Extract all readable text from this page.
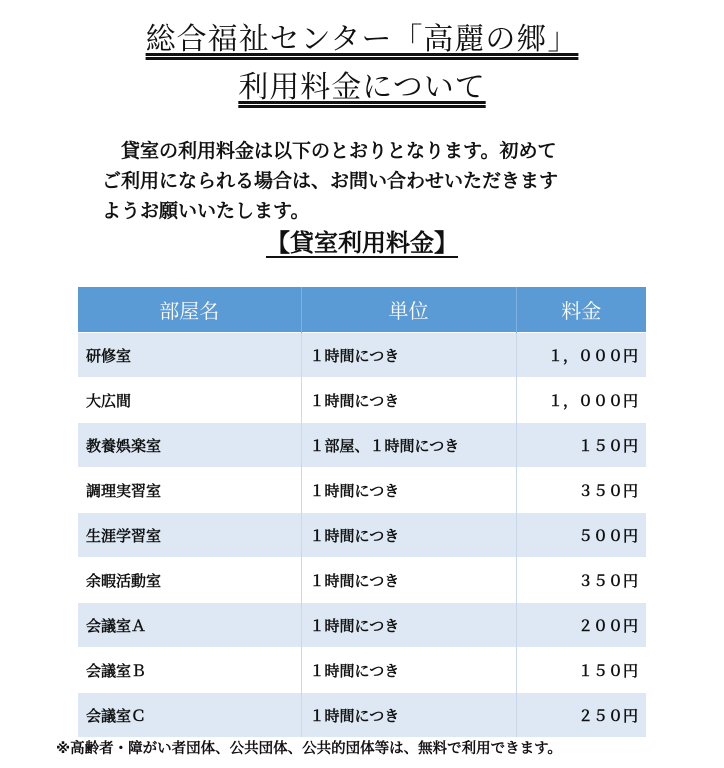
総合福祉センター「高麗の郷」
利用料金について
　貸室の利用料金は以下のとおりとなります。初めて
ご利用になられる場合は、お問い合わせいただきます
ようお願いいたします。
【貸室利用料金】
部屋名	単位	料金
研修室	１時間につき	１，０００円
大広間	１時間につき	１，０００円
教養娯楽室	１部屋、１時間につき	１５０円
調理実習室	１時間につき	３５０円
生涯学習室	１時間につき	５００円
余暇活動室	１時間につき	３５０円
会議室Ａ	１時間につき	２００円
会議室Ｂ	１時間につき	１５０円
会議室Ｃ	１時間につき	２５０円

※高齢者・障がい者団体、公共団体、公共的団体等は、無料で利用できます。
